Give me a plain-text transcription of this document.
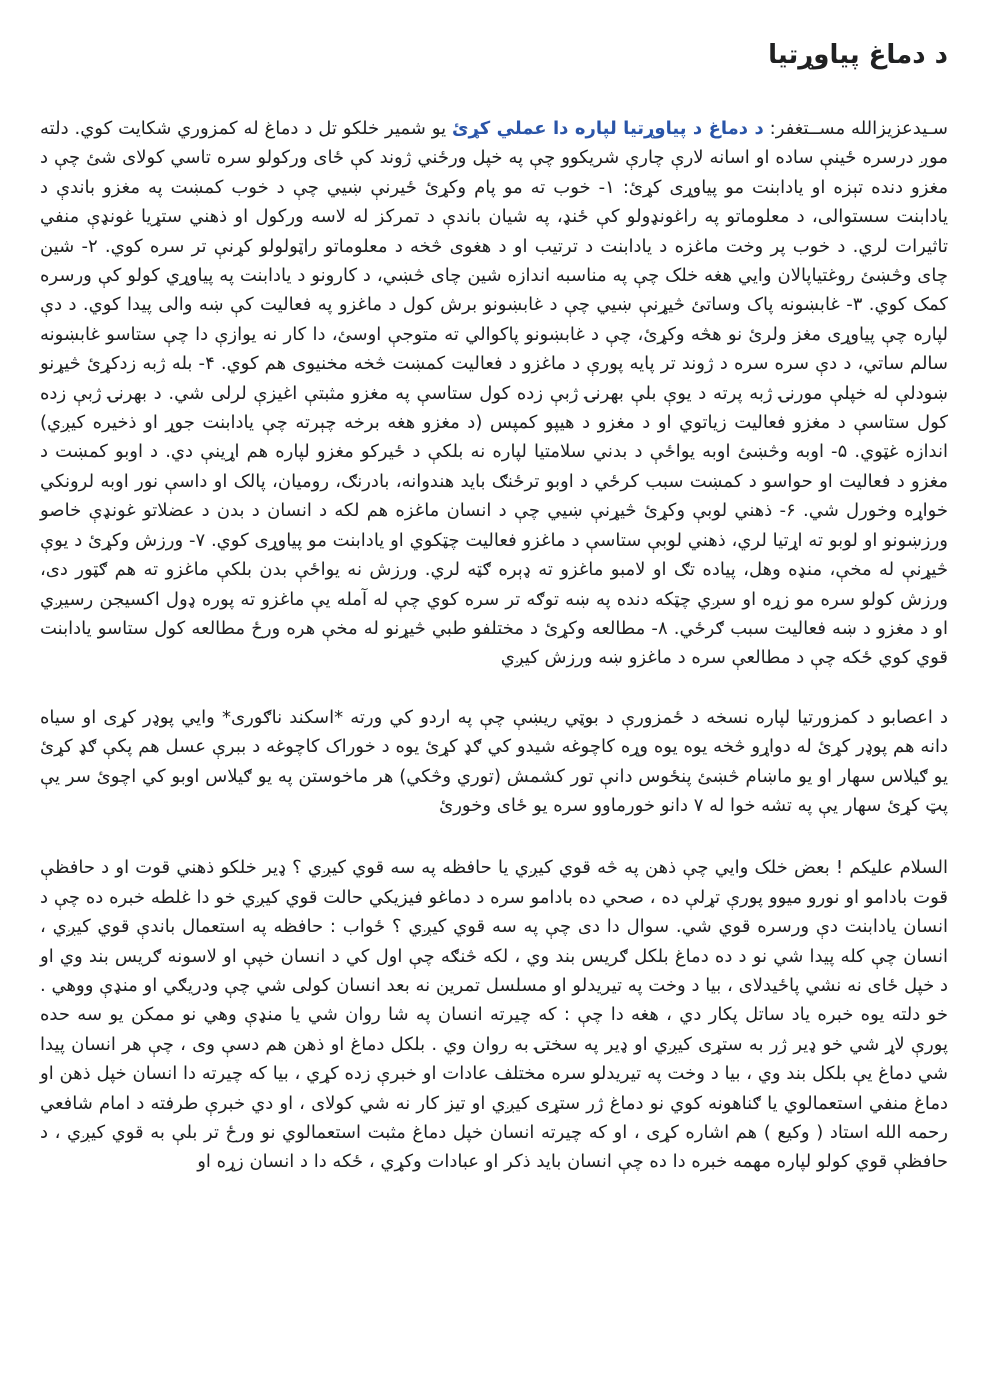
د دماغ پیاوړتیا

سـیدعزیزالله مســتغفر: د دماغ د پیاوړتیا لپاره دا عملي کړئ یو شمیر خلکو تل د دماغ له کمزوري شکایت کوي. دلته موږ درسره ځینې ساده او اسانه لارې چارې شریکوو چې په خپل ورځني ژوند کې ځای ورکولو سره تاسي کولای شئ چې د مغزو دنده تېزه او یادابنت مو پیاوړی کړئ: ۱- خوب ته مو پام وکړئ ځیرنې ښیي چې د خوب کمښت په مغزو باندې د یادابنت سستوالی، د معلوماتو په راغونډولو کې ځنډ، په شیان باندې د تمرکز له لاسه ورکول او ذهني ستړیا غونډې منفي تاثیرات لري. د خوب پر وخت ماغزه د یادابنت د ترتیب او د هغوی څخه د معلوماتو راټولولو کړنې تر سره کوي. ۲- شین چای وڅښئ روغتیاپالان وایي هغه خلک چې په مناسبه اندازه شین چای څښي، د کارونو د یادابنت په پیاوړي کولو کې ورسره کمک کوي. ۳- غابښونه پاک وساتئ څیړنې ښیي چې د غابښونو برش کول د ماغزو په فعالیت کې ښه والی پیدا کوي. د دې لپاره چې پیاوړی مغز ولرئ نو هڅه وکړئ، چې د غابښونو پاکوالي ته متوجې اوسئ، دا کار نه یوازې دا چې ستاسو غابښونه سالم ساتي، د دې سره سره د ژوند تر پایه پورې د ماغزو د فعالیت کمښت څخه مخنیوی هم کوي. ۴- بله ژبه زدکړئ څیړنو ښودلې له خپلې مورنۍ ژبه پرته د یوې بلې بهرنۍ ژبې زده کول ستاسې په مغزو مثبتې اغیزې لرلی شي. د بهرنۍ ژبې زده کول ستاسې د مغزو فعالیت زیاتوي او د مغزو د هیپو کمپس (د مغزو هغه برخه چېرته چې یادابنت جوړ او ذخیره کیږي) اندازه غټوي. ۵- اوبه وڅښئ اوبه یواځې د بدني سلامتیا لپاره نه بلکې د ځیرکو مغزو لپاره هم اړینې دي. د اوبو کمښت د مغزو د فعالیت او حواسو د کمښت سبب کرځي د اوبو ترځنګ باید هندوانه، بادرنګ، رومیان، پالک او داسې نور اوبه لرونکي خواړه وخورل شي. ۶- ذهني لوبې وکړئ څیړنې ښیي چې د انسان ماغزه هم لکه د انسان د بدن د عضلاتو غونډې خاصو ورزښونو او لوبو ته اړتیا لري، ذهني لوبې ستاسې د ماغزو فعالیت چټکوي او یادابنت مو پیاوړی کوي. ۷- ورزش وکړئ د یوې څیړنې له مخې، منډه وهل، پیاده تګ او لامبو ماغزو ته ډېره ګټه لري. ورزش نه یواځې بدن بلکې ماغزو ته هم ګټور دی، ورزش کولو سره مو زړه او سږي چټکه دنده په ښه توګه تر سره کوي چې له آمله یې ماغزو ته پوره ډول اکسیجن رسیږي او د مغزو د ښه فعالیت سبب ګرځي. ۸- مطالعه وکړئ د مختلفو طبي څیړنو له مخې هره ورځ مطالعه کول ستاسو یادابنت قوي کوي ځکه چې د مطالعې سره د ماغزو ښه ورزش کیږي

د اعصابو د کمزورتیا لپاره نسخه د ځمزورې د بوټي ریښې چې په اردو کي ورته *اسکند ناګوری* وایي پوډر کړی او سیاه دانه هم پوډر کړئ له دواړو څخه یوه یوه وړه کاچوغه شیدو کي ګډ کړئ یوه د خوراک کاچوغه د ببرې عسل هم پکې ګډ کړئ یو ګیلاس سهار او یو ماښام څښئ پنځوس دانې تور کشمش (توري وڅکي) هر ماخوستن په یو ګیلاس اوبو کي اچوئ سر یې پټ کړئ سهار یې په تشه خوا له ۷ دانو خورماوو سره یو ځای وخورئ

السلام علیکم ! بعض خلک وایي چې ذهن په څه قوي کیږي یا حافظه په سه قوي کیږي ؟ ډیر خلکو ذهني قوت او د حافظې قوت بادامو او نورو میوو پورې تړلې ده ، صحي ده بادامو سره د دماغو فیزیکي حالت قوي کیږي خو دا غلطه خبره ده چې د انسان یادابنت دې ورسره قوي شي. سوال دا دی چې په سه قوي کیږي ؟ ځواب : حافظه په استعمال باندې قوي کیږي ، انسان چې کله پیدا شي نو د ده دماغ بلکل ګریس بند وي ، لکه څنګه چې اول کي د انسان خپې او لاسونه ګریس بند وي او د خپل ځای نه نشي پاځیدلای ، بیا د وخت په تیریدلو او مسلسل تمرین نه بعد انسان کولی شي چې ودریګي او منډې ووهي . خو دلته یوه خبره یاد ساتل پکار دي ، هغه دا چې : که چیرته انسان په شا روان شي یا منډې وهي نو ممکن یو سه حده پورې لاړ شي خو ډیر ژر به ستړی کیږي او ډیر په سختۍ به روان وي . بلکل دماغ او ذهن هم دسې وی ، چې هر انسان پیدا شي دماغ یې بلکل بند وي ، بیا د وخت په تیریدلو سره مختلف عادات او خبرې زده کړي ، بیا که چیرته دا انسان خپل ذهن او دماغ منفي استعمالوي یا ګناهونه کوي نو دماغ ژر ستړی کیږي او تیز کار نه شي کولای ، او دي خبرې طرفته د امام شافعي رحمه الله استاد ( وکیع ) هم اشاره کړی ، او که چیرته انسان خپل دماغ مثبت استعمالوي نو ورځ تر بلې به قوي کیږي ، د حافظې قوي کولو لپاره مهمه خبره دا ده چې انسان باید ذکر او عبادات وکړي ، ځکه دا د انسان زړه او
